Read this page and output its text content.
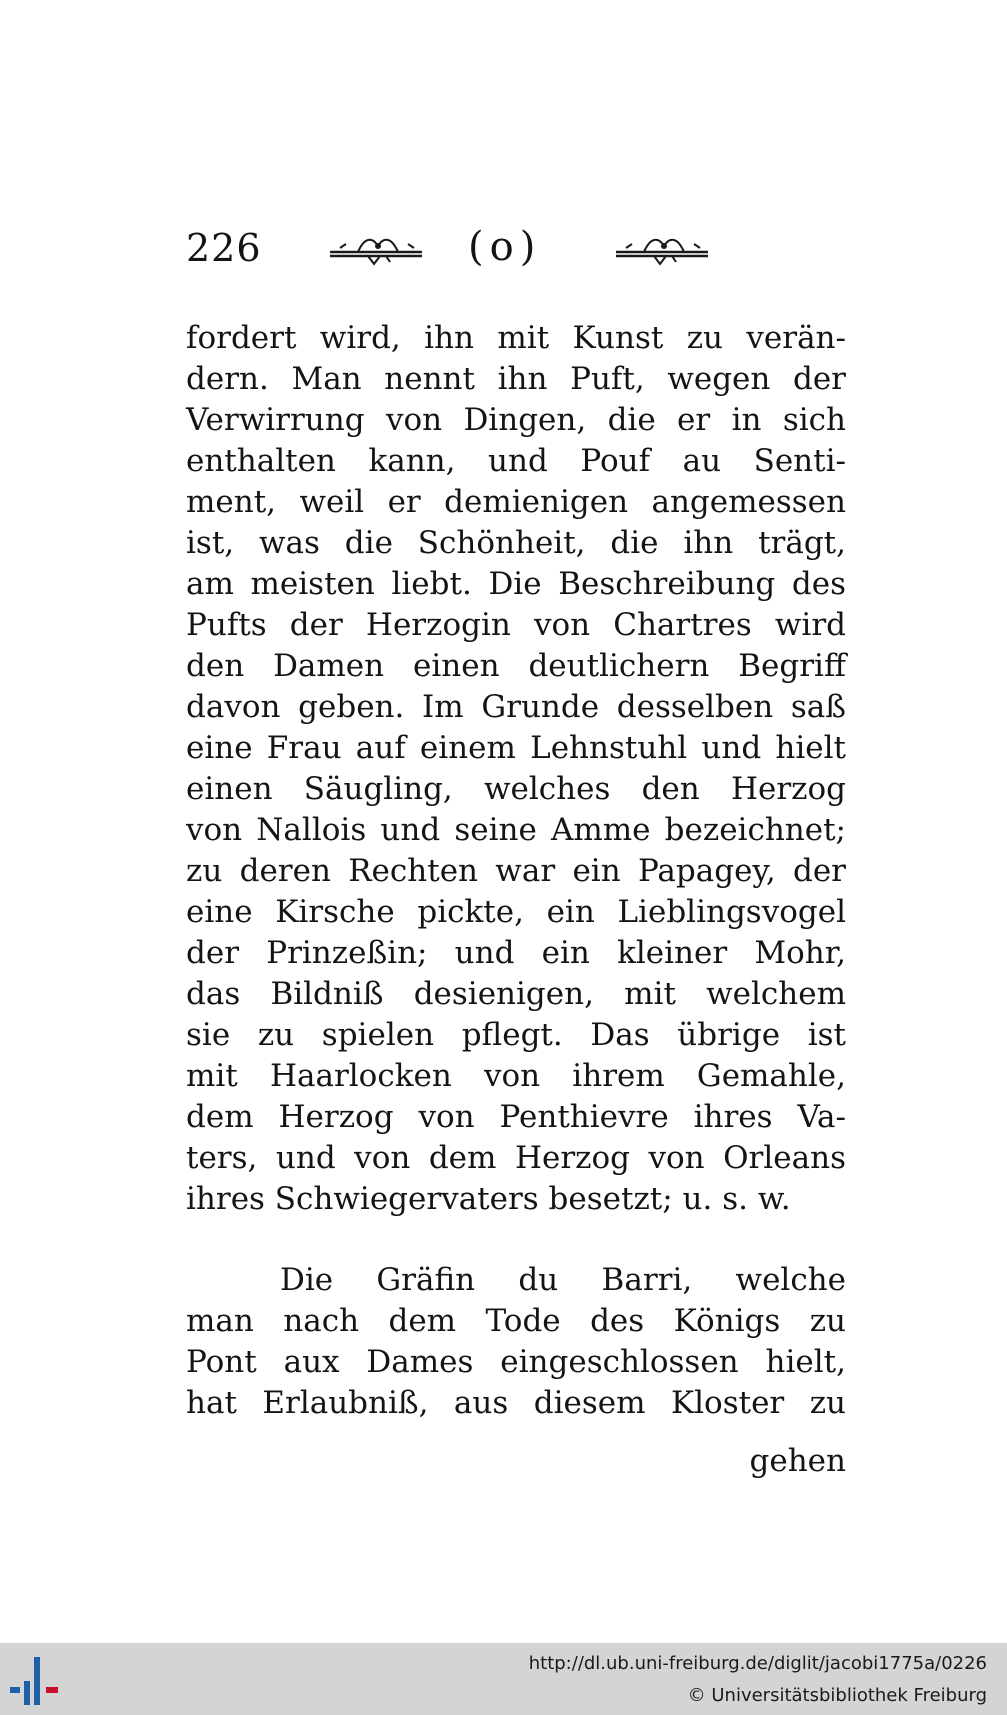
226	(o)
fordert wird, ihn mit Kunst zu verän-
dern. Man nennt ihn Puft, wegen der
Verwirrung von Dingen, die er in sich
enthalten kann, und Pouf au Senti-
ment, weil er demienigen angemessen
ist, was die Schönheit, die ihn trägt,
am meisten liebt. Die Beschreibung des
Pufts der Herzogin von Chartres wird
den Damen einen deutlichern Begriff
davon geben. Im Grunde desselben saß
eine Frau auf einem Lehnstuhl und hielt
einen Säugling, welches den Herzog
von Nallois und seine Amme bezeichnet;
zu deren Rechten war ein Papagey, der
eine Kirsche pickte, ein Lieblingsvogel
der Prinzeßin; und ein kleiner Mohr,
das Bildniß desienigen, mit welchem
sie zu spielen pflegt. Das übrige ist
mit Haarlocken von ihrem Gemahle,
dem Herzog von Penthievre ihres Va-
ters, und von dem Herzog von Orleans
ihres Schwiegervaters besetzt; u. s. w.
Die Gräfin du Barri, welche
man nach dem Tode des Königs zu
Pont aux Dames eingeschlossen hielt,
hat Erlaubniß, aus diesem Kloster zu
gehen
http://dl.ub.uni-freiburg.de/diglit/jacobi1775a/0226
© Universitätsbibliothek Freiburg
